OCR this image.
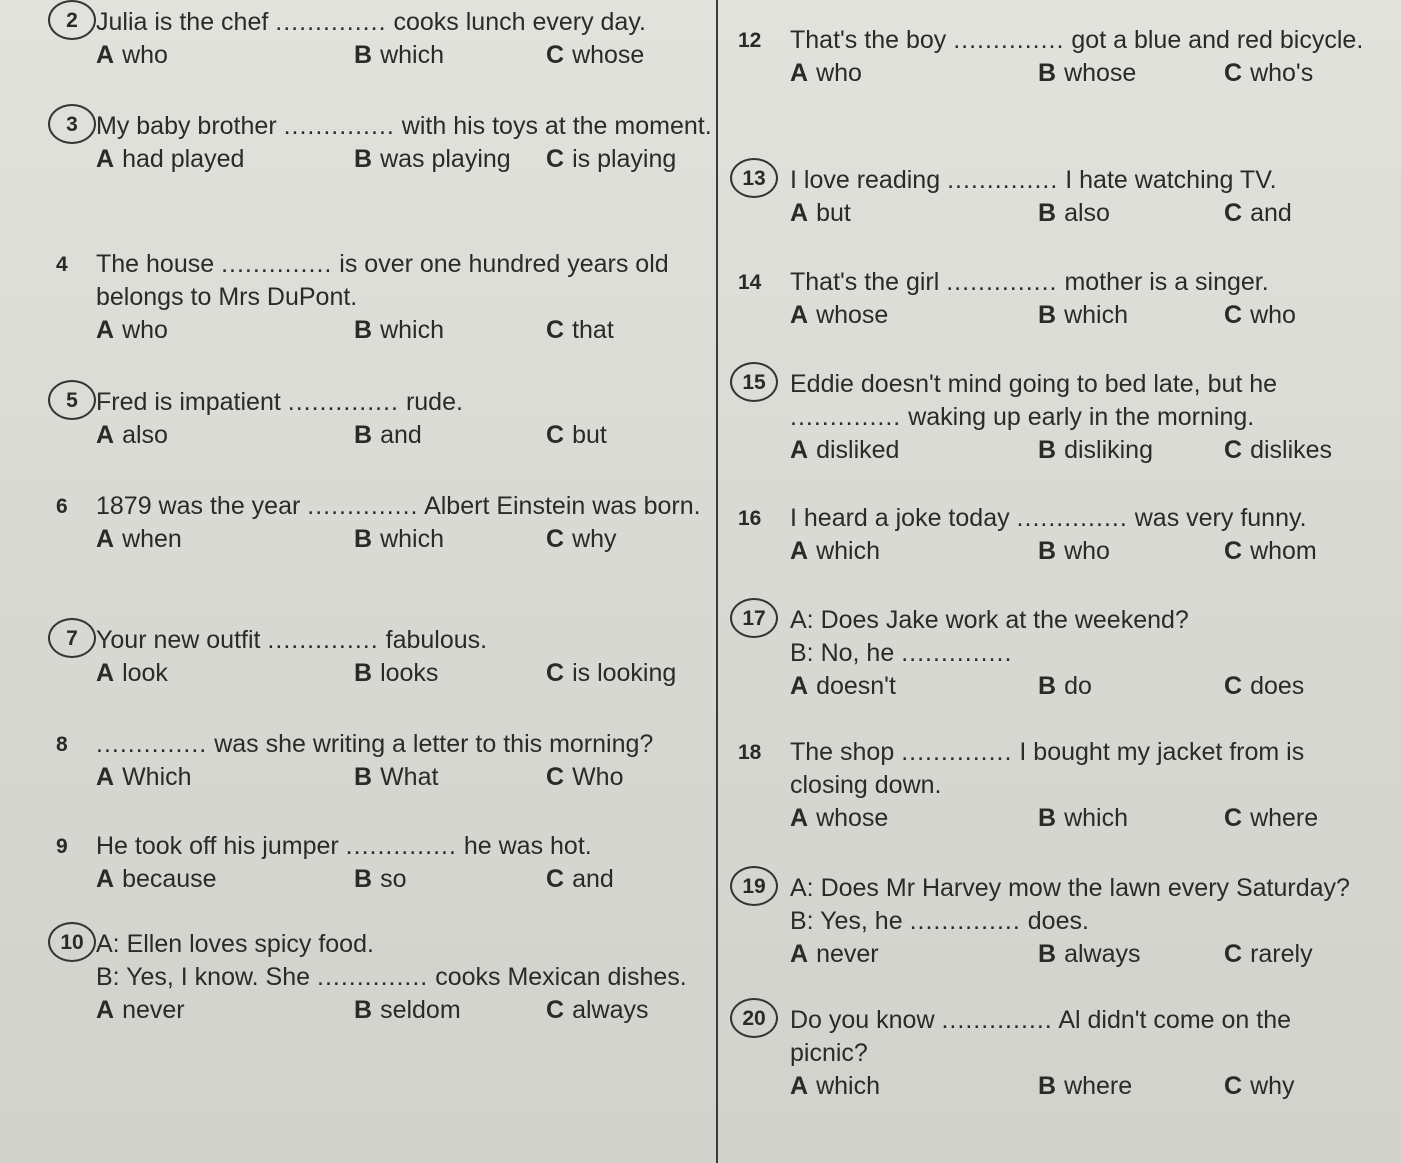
2 Julia is the chef .............. cooks lunch every day.
A who	B which	C whose
3 My baby brother .............. with his toys at the moment.
A had played	B was playing C is playing
4 The house .............. is over one hundred years old belongs to Mrs DuPont.
A who	B which	C that
5 Fred is impatient .............. rude.
A also	B and	C but
6 1879 was the year .............. Albert Einstein was born.
A when	B which	C why
7 Your new outfit .............. fabulous.
A look	B looks	C is looking
8 .............. was she writing a letter to this morning?
A Which	B What	C Who
9 He took off his jumper .............. he was hot.
A because	B so	C and
10 A: Ellen loves spicy food.
B: Yes, I know. She .............. cooks Mexican dishes.
A never	B seldom	C always
12 That's the boy .............. got a blue and red bicycle.
A who	B whose	C who's
13 I love reading .............. I hate watching TV.
A but	B also	C and
14 That's the girl .............. mother is a singer.
A whose	B which	C who
15 Eddie doesn't mind going to bed late, but he .............. waking up early in the morning.
A disliked	B disliking	C dislikes
16 I heard a joke today .............. was very funny.
A which	B who	C whom
17 A: Does Jake work at the weekend?
B: No, he ..............
A doesn't	B do	C does
18 The shop .............. I bought my jacket from is closing down.
A whose	B which	C where
19 A: Does Mr Harvey mow the lawn every Saturday?
B: Yes, he .............. does.
A never	B always	C rarely
20 Do you know .............. Al didn't come on the picnic?
A which	B where	C why
